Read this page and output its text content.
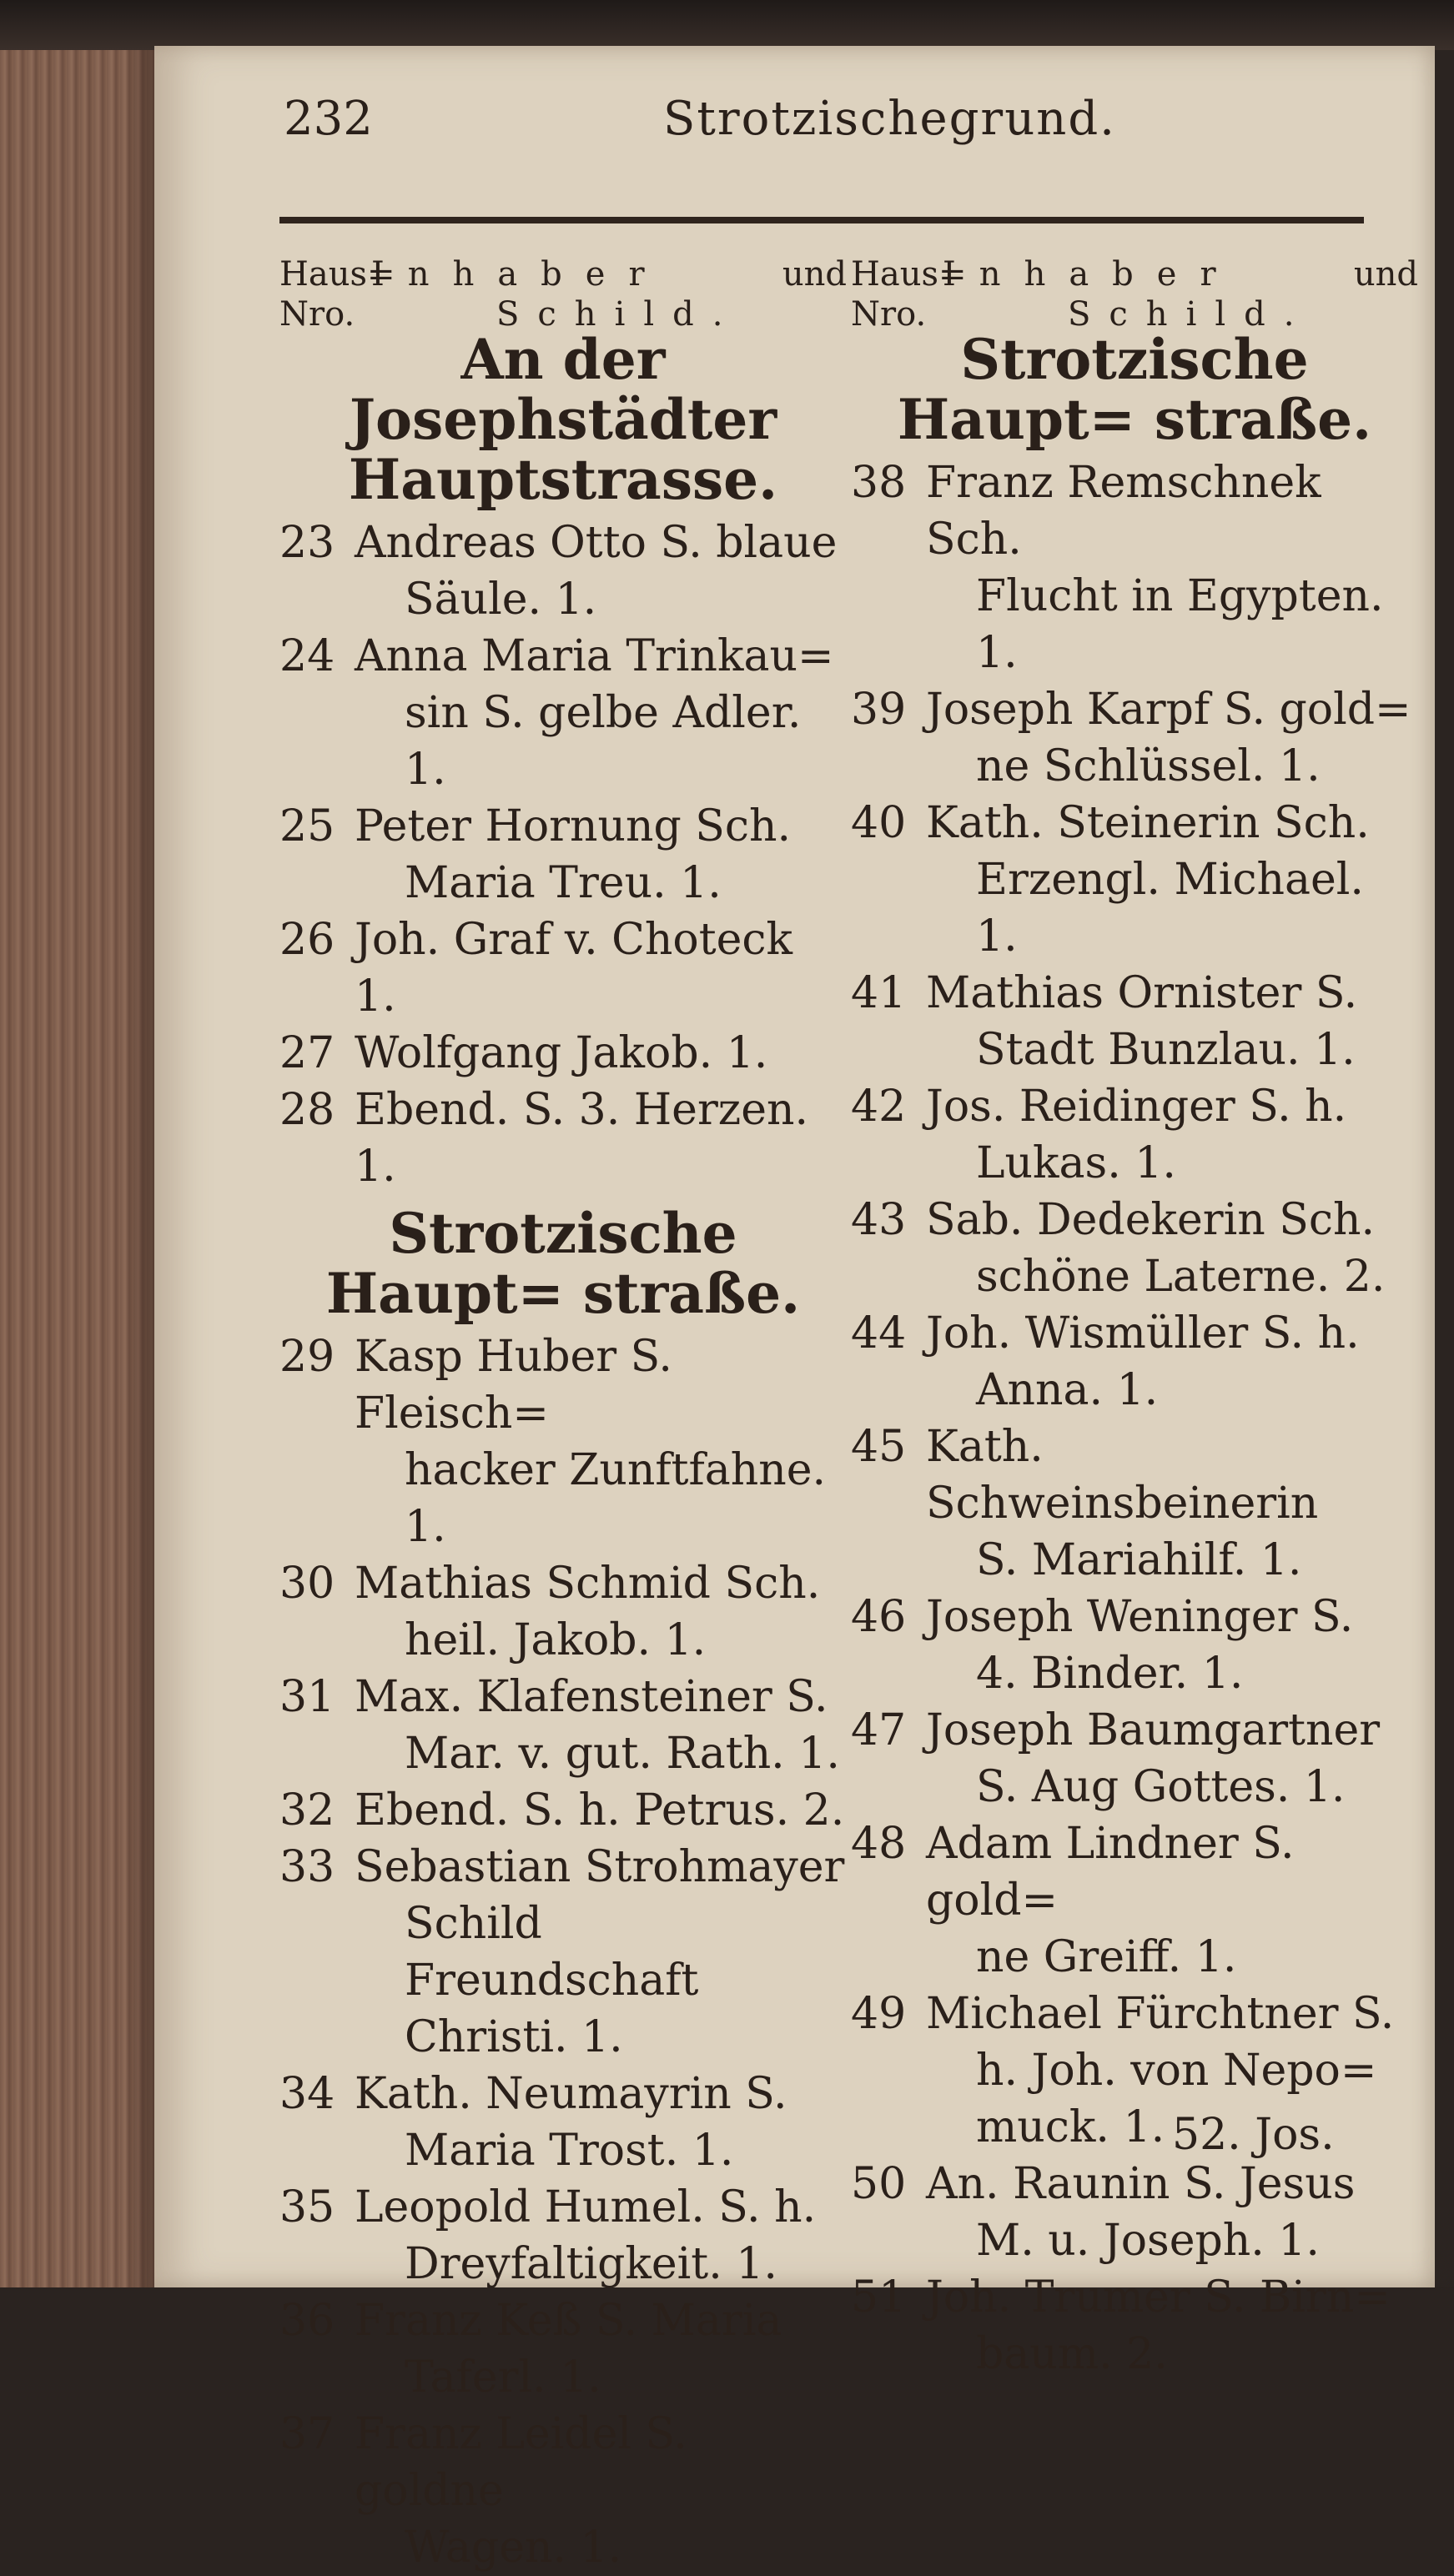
232	Strotzischegrund.
Haus=
Inhaber	und
Nro.	Schild.
An der Josephstädter Hauptstrasse.
23 Andreas Otto S. blaue
Säule. 1.
24 Anna Maria Trinkau=
sin S. gelbe Adler. 1.
25 Peter Hornung Sch.
Maria Treu. 1.
26 Joh. Graf v. Choteck 1.
27 Wolfgang Jakob. 1.
28 Ebend. S. 3. Herzen. 1.
Strotzische Haupt= straße.
29 Kasp Huber S. Fleisch=
hacker Zunftfahne. 1.
30 Mathias Schmid Sch.
heil. Jakob. 1.
31 Max. Klafensteiner S.
Mar. v. gut. Rath. 1.
32 Ebend. S. h. Petrus. 2.
33 Sebastian Strohmayer
Schild Freundschaft Christi. 1.
34 Kath. Neumayrin S.
Maria Trost. 1.
35 Leopold Humel. S. h.
Dreyfaltigkeit. 1.
36 Franz Keß S. Maria
Taferl. 1.
37 Franz Leidel S. goldne
Wagen. 1.
Haus=
Inhaber	und
Nro.	Schild.
Strotzische Haupt= straße.
38 Franz Remschnek Sch.
Flucht in Egypten. 1.
39 Joseph Karpf S. gold=
ne Schlüssel. 1.
40 Kath. Steinerin Sch.
Erzengl. Michael. 1.
41 Mathias Ornister S.
Stadt Bunzlau. 1.
42 Jos. Reidinger S. h.
Lukas. 1.
43 Sab. Dedekerin Sch.
schöne Laterne. 2.
44 Joh. Wismüller S. h.
Anna. 1.
45 Kath. Schweinsbeinerin
S. Mariahilf. 1.
46 Joseph Weninger S.
4. Binder. 1.
47 Joseph Baumgartner
S. Aug Gottes. 1.
48 Adam Lindner S. gold=
ne Greiff. 1.
49 Michael Fürchtner S.
h. Joh. von Nepo= muck. 1.
50 An. Raunin S. Jesus
M. u. Joseph. 1.
51 Joh. Trumer S. Birn=
baum. 2.
52. Jos.
